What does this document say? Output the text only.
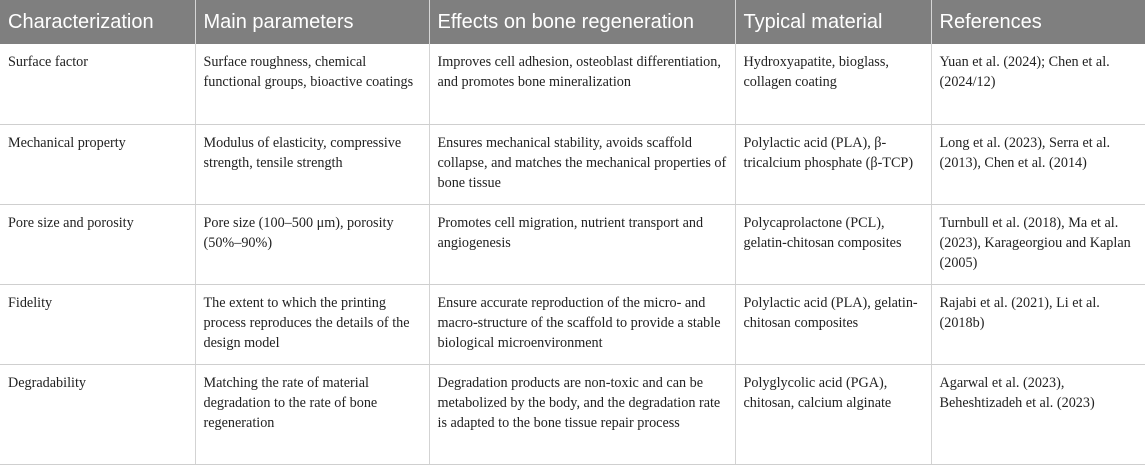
Characterization	Main parameters	Effects on bone regeneration	Typical material	References
Surface factor	Surface roughness, chemical functional groups, bioactive coatings	Improves cell adhesion, osteoblast differentiation, and promotes bone mineralization	Hydroxyapatite, bioglass, collagen coating	Yuan et al. (2024); Chen et al. (2024/12)
Mechanical property	Modulus of elasticity, compressive strength, tensile strength	Ensures mechanical stability, avoids scaffold collapse, and matches the mechanical properties of bone tissue	Polylactic acid (PLA), β-tricalcium phosphate (β-TCP)	Long et al. (2023), Serra et al. (2013), Chen et al. (2014)
Pore size and porosity	Pore size (100–500 μm), porosity (50%–90%)	Promotes cell migration, nutrient transport and angiogenesis	Polycaprolactone (PCL), gelatin-chitosan composites	Turnbull et al. (2018), Ma et al. (2023), Karageorgiou and Kaplan (2005)
Fidelity	The extent to which the printing process reproduces the details of the design model	Ensure accurate reproduction of the micro- and macro-structure of the scaffold to provide a stable biological microenvironment	Polylactic acid (PLA), gelatin-chitosan composites	Rajabi et al. (2021), Li et al. (2018b)
Degradability	Matching the rate of material degradation to the rate of bone regeneration	Degradation products are non-toxic and can be metabolized by the body, and the degradation rate is adapted to the bone tissue repair process	Polyglycolic acid (PGA), chitosan, calcium alginate	Agarwal et al. (2023), Beheshtizadeh et al. (2023)
